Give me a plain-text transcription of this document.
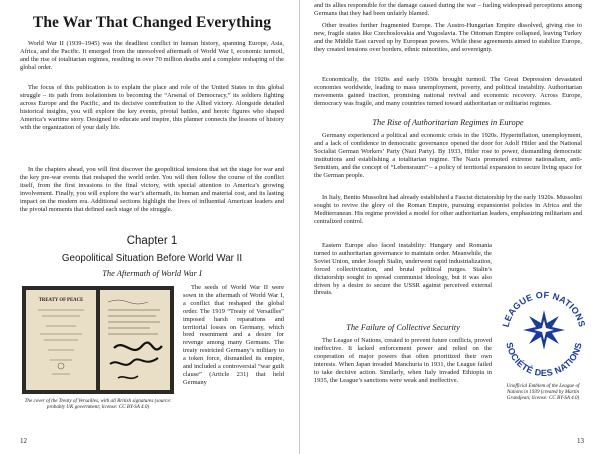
The War That Changed Everything
World War II (1939–1945) was the deadliest conflict in human history, spanning Europe, Asia, Africa, and the Pacific. It emerged from the unresolved aftermath of World War I, economic turmoil, and the rise of totalitarian regimes, resulting in over 70 million deaths and a complete reshaping of the global order.
The focus of this publication is to explain the place and role of the United States in this global struggle – its path from isolationism to becoming the “Arsenal of Democracy,” its soldiers fighting across Europe and the Pacific, and its decisive contribution to the Allied victory. Alongside detailed historical insights, you will explore the key events, pivotal battles, and heroic figures who shaped America’s wartime story. Designed to educate and inspire, this planner connects the lessons of history with the organization of your daily life.
In the chapters ahead, you will first discover the geopolitical tensions that set the stage for war and the key pre-war events that reshaped the world order. You will then follow the course of the conflict itself, from the first invasions to the final victory, with special attention to America’s growing involvement. Finally, you will explore the war’s aftermath, its human and material cost, and its lasting impact on the modern era. Additional sections highlight the lives of influential American leaders and the pivotal moments that defined each stage of the struggle.
Chapter 1
Geopolitical Situation Before World War II
The Aftermath of World War I
TREATY OF PEACE
The cover of the Treaty of Versailles, with all British signatures (source: probably UK government; license: CC BY-SA 4.0)
The seeds of World War II were sown in the aftermath of World War I, a conflict that reshaped the global order. The 1919 “Treaty of Versailles” imposed harsh reparations and territorial losses on Germany, which bred resentment and a desire for revenge among many Germans. The treaty restricted Germany’s military to a token force, dismantled its empire, and included a controversial “war guilt clause” (Article 231) that held Germany
12
and its allies responsible for the damage caused during the war – fueling widespread perceptions among Germans that they had been unfairly blamed.
Other treaties further fragmented Europe. The Austro-Hungarian Empire dissolved, giving rise to new, fragile states like Czechoslovakia and Yugoslavia. The Ottoman Empire collapsed, leaving Turkey and the Middle East carved up by European powers. While these agreements aimed to stabilize Europe, they created tensions over borders, ethnic minorities, and sovereignty.
Economically, the 1920s and early 1930s brought turmoil. The Great Depression devastated economies worldwide, leading to mass unemployment, poverty, and political instability. Authoritarian movements gained traction, promising national revival and economic recovery. Across Europe, democracy was fragile, and many countries turned toward authoritarian or militarist regimes.
The Rise of Authoritarian Regimes in Europe
Germany experienced a political and economic crisis in the 1920s. Hyperinflation, unemployment, and a lack of confidence in democratic governance opened the door for Adolf Hitler and the National Socialist German Workers’ Party (Nazi Party). By 1933, Hitler rose to power, dismantling democratic institutions and establishing a totalitarian regime. The Nazis promoted extreme nationalism, anti-Semitism, and the concept of “Lebensraum” – a policy of territorial expansion to secure living space for the German people.
In Italy, Benito Mussolini had already established a Fascist dictatorship by the early 1920s. Mussolini sought to revive the glory of the Roman Empire, pursuing expansionist policies in Africa and the Mediterranean. His regime provided a model for other authoritarian leaders, emphasizing militarism and centralized control.
Eastern Europe also faced instability: Hungary and Romania turned to authoritarian governance to maintain order. Meanwhile, the Soviet Union, under Joseph Stalin, underwent rapid industrialization, forced collectivization, and brutal political purges. Stalin’s dictatorship sought to spread communist ideology, but it was also driven by a desire to secure the USSR against perceived external threats.
The Failure of Collective Security
The League of Nations, created to prevent future conflicts, proved ineffective. It lacked enforcement power and relied on the cooperation of major powers that often prioritized their own interests. When Japan invaded Manchuria in 1931, the League failed to take decisive action. Similarly, when Italy invaded Ethiopia in 1935, the League’s sanctions were weak and ineffective.
LEAGUE OF NATIONS
SOCIÉTÉ DES NATIONS
Unofficial Emblem of the League of Nations in 1939 (created by Martin Grandjean; license: CC BY-SA 4.0)
13
